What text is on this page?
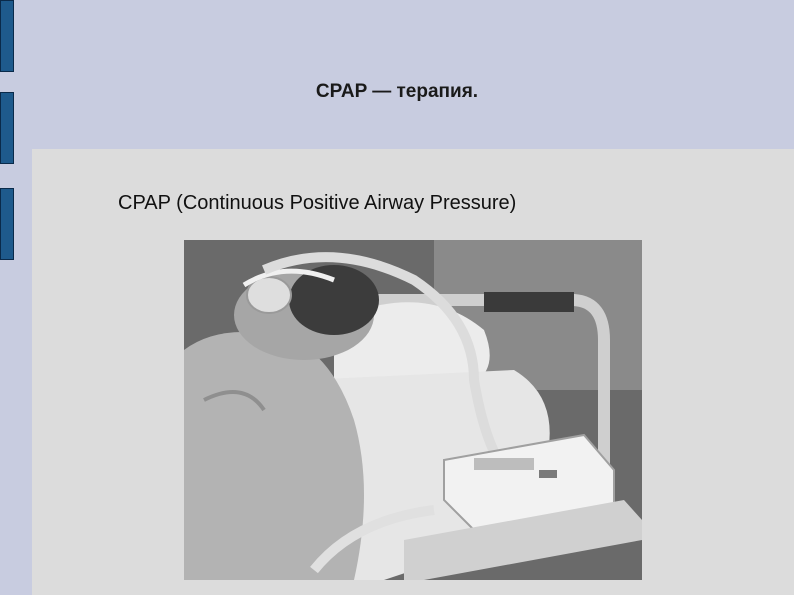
CPAP — терапия.
CPAP (Continuous Positive Airway Pressure)
